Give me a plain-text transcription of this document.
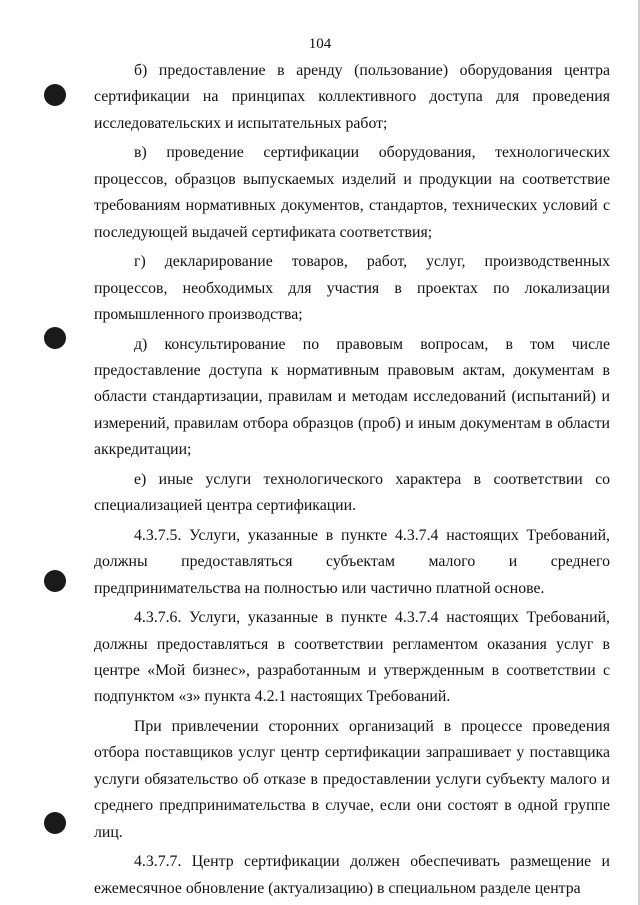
104

б) предоставление в аренду (пользование) оборудования центра сертификации на принципах коллективного доступа для проведения исследовательских и испытательных работ;

в) проведение сертификации оборудования, технологических процессов, образцов выпускаемых изделий и продукции на соответствие требованиям нормативных документов, стандартов, технических условий с последующей выдачей сертификата соответствия;

г) декларирование товаров, работ, услуг, производственных процессов, необходимых для участия в проектах по локализации промышленного производства;

д) консультирование по правовым вопросам, в том числе предоставление доступа к нормативным правовым актам, документам в области стандартизации, правилам и методам исследований (испытаний) и измерений, правилам отбора образцов (проб) и иным документам в области аккредитации;

е) иные услуги технологического характера в соответствии со специализацией центра сертификации.

4.3.7.5. Услуги, указанные в пункте 4.3.7.4 настоящих Требований, должны предоставляться субъектам малого и среднего предпринимательства на полностью или частично платной основе.

4.3.7.6. Услуги, указанные в пункте 4.3.7.4 настоящих Требований, должны предоставляться в соответствии регламентом оказания услуг в центре «Мой бизнес», разработанным и утвержденным в соответствии с подпунктом «з» пункта 4.2.1 настоящих Требований.

При привлечении сторонних организаций в процессе проведения отбора поставщиков услуг центр сертификации запрашивает у поставщика услуги обязательство об отказе в предоставлении услуги субъекту малого и среднего предпринимательства в случае, если они состоят в одной группе лиц.

4.3.7.7. Центр сертификации должен обеспечивать размещение и ежемесячное обновление (актуализацию) в специальном разделе центра
